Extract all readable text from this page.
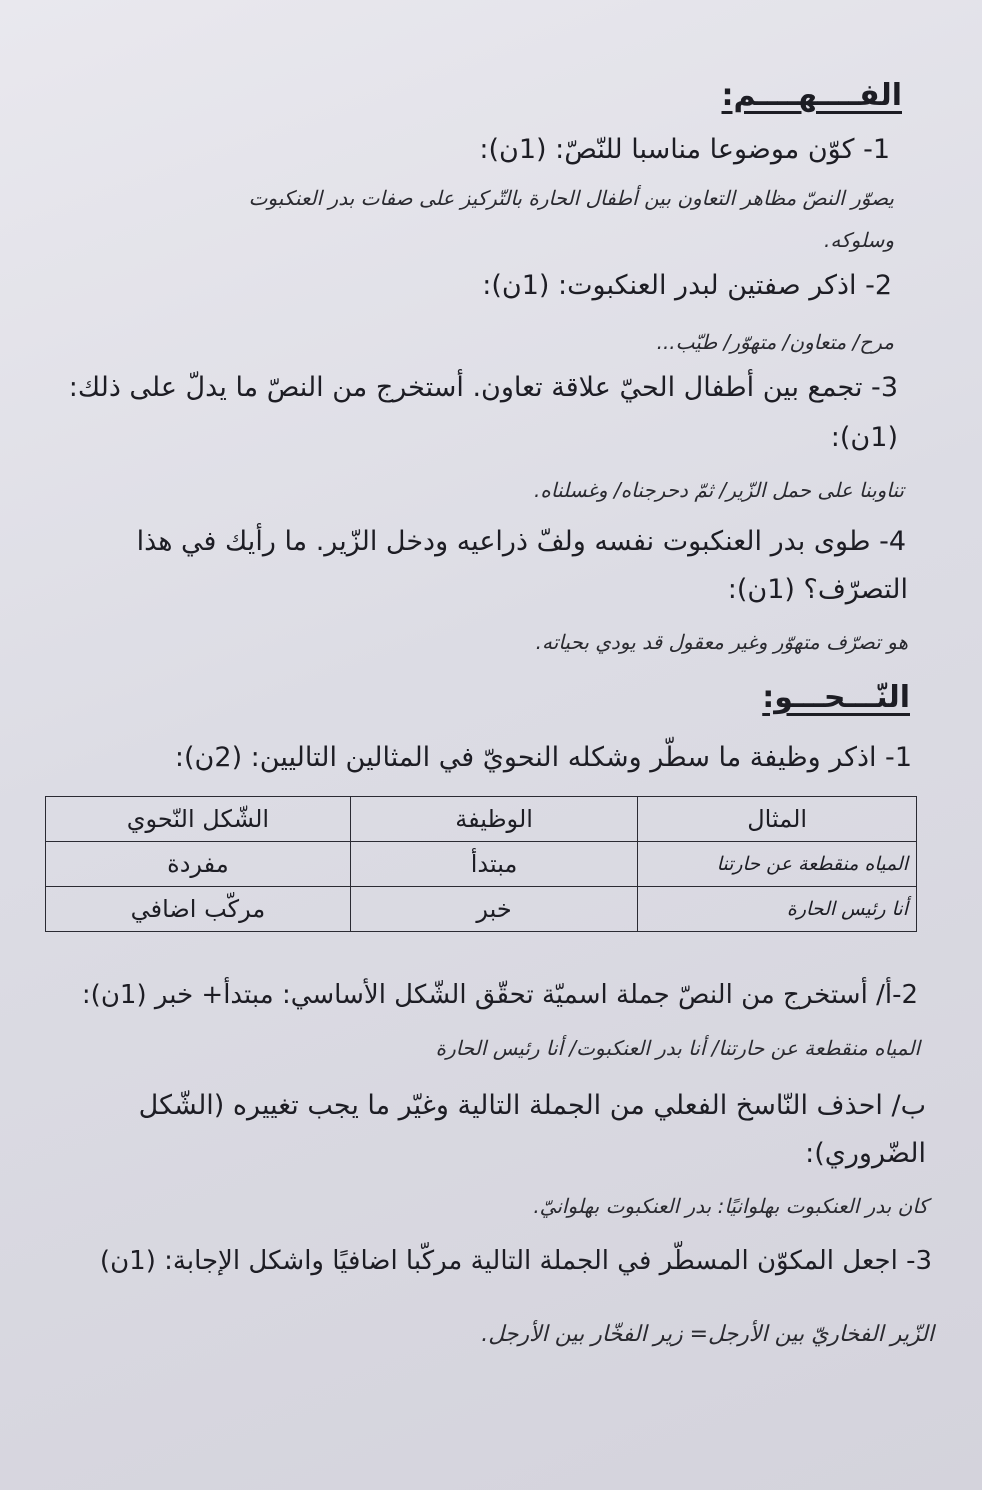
الفــــهــــم:
1- كوّن موضوعا مناسبا للنّصّ: (1ن):
يصوّر النصّ مظاهر التعاون بين أطفال الحارة بالتّركيز على صفات بدر العنكبوت
وسلوكه.
2- اذكر صفتين لبدر العنكبوت: (1ن):
مرح/ متعاون/ متهوّر/ طيّب...
3- تجمع بين أطفال الحيّ علاقة تعاون. أستخرج من النصّ ما يدلّ على ذلك:
(1ن):
تناوبنا على حمل الزّير/ ثمّ دحرجناه/ وغسلناه.
4- طوى بدر العنكبوت نفسه ولفّ ذراعيه ودخل الزّير. ما رأيك في هذا
التصرّف؟ (1ن):
هو تصرّف متهوّر وغير معقول قد يودي بحياته.
النّـــحـــو:
1- اذكر وظيفة ما سطّر وشكله النحويّ في المثالين التاليين: (2ن):
المثال	الوظيفة	الشّكل النّحوي
المياه منقطعة عن حارتنا	مبتدأ	مفردة
أنا رئيس الحارة	خبر	مركّب اضافي
2-أ/ أستخرج من النصّ جملة اسميّة تحقّق الشّكل الأساسي: مبتدأ+ خبر (1ن):
المياه منقطعة عن حارتنا/ أنا بدر العنكبوت/ أنا رئيس الحارة
ب/ احذف النّاسخ الفعلي من الجملة التالية وغيّر ما يجب تغييره (الشّكل
الضّروري):
كان بدر العنكبوت بهلوانيًا: بدر العنكبوت بهلوانيّ.
3- اجعل المكوّن المسطّر في الجملة التالية مركّبا اضافيًا واشكل الإجابة: (1ن)
الزّير الفخاريّ بين الأرجل= زير الفخّار بين الأرجل.
